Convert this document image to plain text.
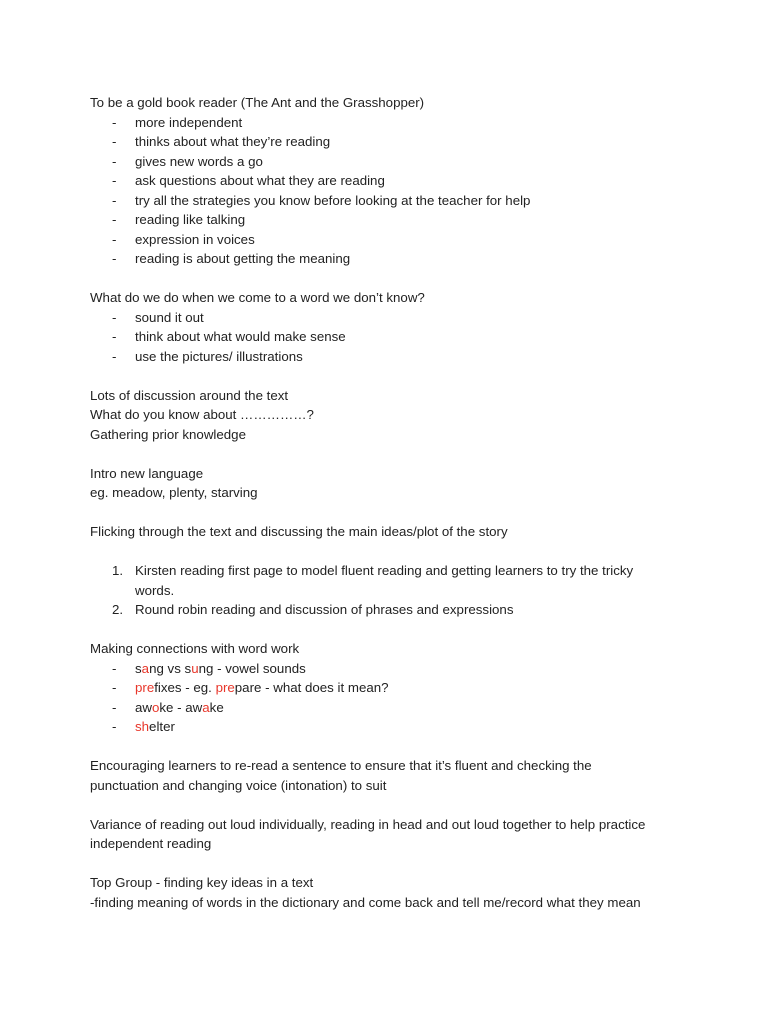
To be a gold book reader (The Ant and the Grasshopper)
- more independent
- thinks about what they’re reading
- gives new words a go
- ask questions about what they are reading
- try all the strategies you know before looking at the teacher for help
- reading like talking
- expression in voices
- reading is about getting the meaning
What do we do when we come to a word we don’t know?
- sound it out
- think about what would make sense
- use the pictures/ illustrations
Lots of discussion around the text
What do you know about ……………?
Gathering prior knowledge
Intro new language
eg. meadow, plenty, starving
Flicking through the text and discussing the main ideas/plot of the story
1. Kirsten reading first page to model fluent reading and getting learners to try the tricky
words.
2. Round robin reading and discussion of phrases and expressions
Making connections with word work
- sang vs sung - vowel sounds
- prefixes - eg. prepare - what does it mean?
- awoke - awake
- shelter
Encouraging learners to re-read a sentence to ensure that it’s fluent and checking the
punctuation and changing voice (intonation) to suit
Variance of reading out loud individually, reading in head and out loud together to help practice
independent reading
Top Group - finding key ideas in a text
-finding meaning of words in the dictionary and come back and tell me/record what they mean
